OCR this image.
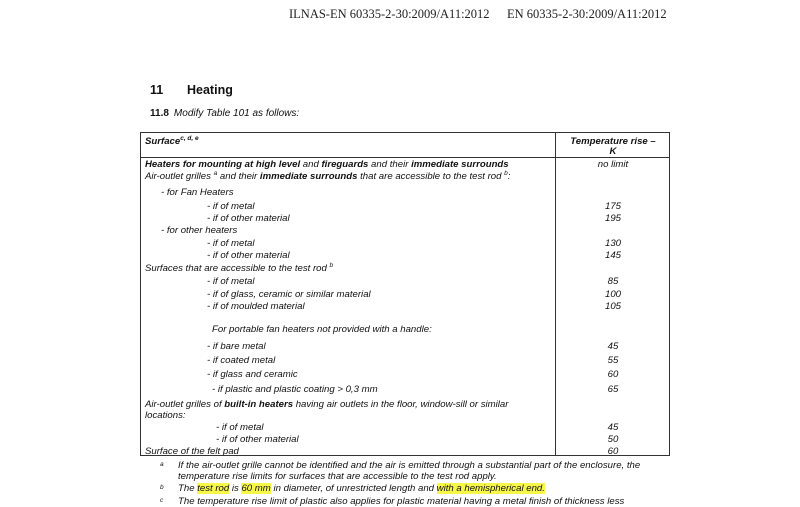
ILNAS-EN 60335-2-30:2009/A11:2012 EN 60335-2-30:2009/A11:2012
11 Heating
11.8 Modify Table 101 as follows:
Surface$^{c, d, e}$	Temperature rise –
K
Heaters for mounting at high level and fireguards and their immediate surrounds	no limit
Air-outlet grilles $^a$ and their immediate surrounds that are accessible to the test rod $^b$:
- for Fan Heaters
- if of metal	175
- if of other material	195
- for other heaters
- if of metal	130
- if of other material	145
Surfaces that are accessible to the test rod $^b$
- if of metal	85
- if of glass, ceramic or similar material	100
- if of moulded material	105
For portable fan heaters not provided with a handle:
- if bare metal	45
- if coated metal	55
- if glass and ceramic	60
- if plastic and plastic coating > 0,3 mm	65
Air-outlet grilles of built-in heaters having air outlets in the floor, window-sill or similar locations:
- if of metal	45
- if of other material	50
Surface of the felt pad	60
a If the air-outlet grille cannot be identified and the air is emitted through a substantial part of the enclosure, the temperature rise limits for surfaces that are accessible to the test rod apply.
b The test rod is 60 mm in diameter, of unrestricted length and with a hemispherical end.
c The temperature rise limit of plastic also applies for plastic material having a metal finish of thickness less
